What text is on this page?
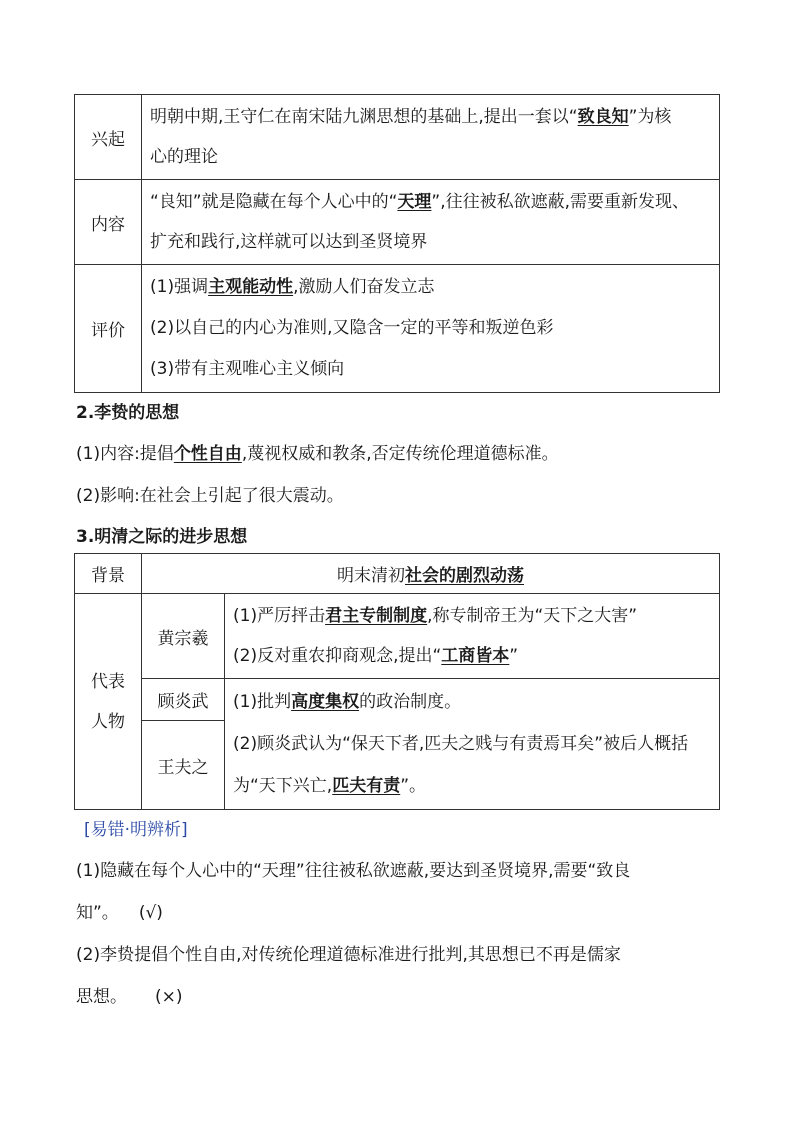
兴起	明朝中期,王守仁在南宋陆九渊思想的基础上,提出一套以“致良知”为核
心的理论
内容	“良知”就是隐藏在每个人心中的“天理”,往往被私欲遮蔽,需要重新发现、
扩充和践行,这样就可以达到圣贤境界
评价	(1)强调主观能动性,激励人们奋发立志
(2)以自己的内心为准则,又隐含一定的平等和叛逆色彩
(3)带有主观唯心主义倾向
2.李贽的思想
(1)内容:提倡个性自由,蔑视权威和教条,否定传统伦理道德标准。
(2)影响:在社会上引起了很大震动。
3.明清之际的进步思想
背景	明末清初社会的剧烈动荡	
代表人物	黄宗羲	(1)严厉抨击君主专制制度,称专制帝王为“天下之大害”
(2)反对重农抑商观念,提出“工商皆本”
	顾炎武	(1)批判高度集权的政治制度。
(2)顾炎武认为“保天下者,匹夫之贱与有责焉耳矣”被后人概括
为“天下兴亡,匹夫有责”。
	王夫之	
[易错·明辨析]
(1)隐藏在每个人心中的“天理”往往被私欲遮蔽,要达到圣贤境界,需要“致良
知”。 (√)
(2)李贽提倡个性自由,对传统伦理道德标准进行批判,其思想已不再是儒家
思想。 (×)
